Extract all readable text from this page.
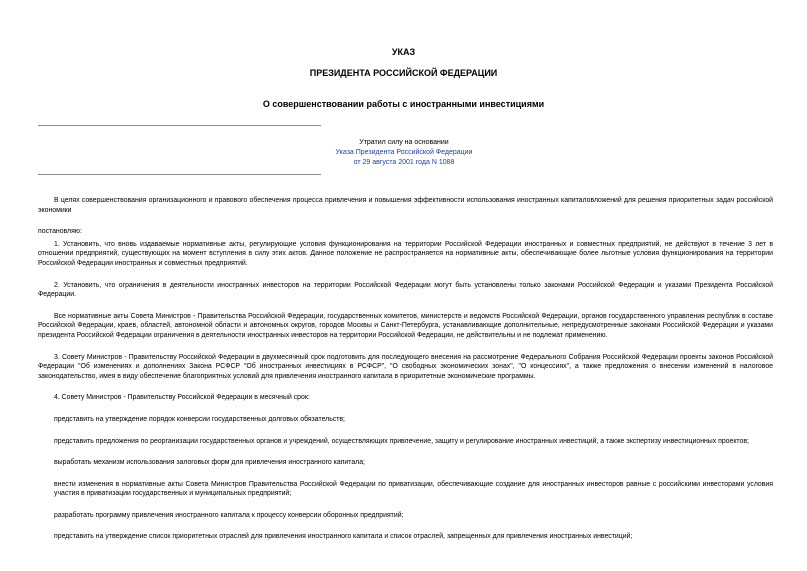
УКАЗ
ПРЕЗИДЕНТА РОССИЙСКОЙ ФЕДЕРАЦИИ
О совершенствовании работы с иностранными инвестициями
Утратил силу на основании
Указа Президента Российской Федерации
от 29 августа 2001 года N 1088

В целях совершенствования организационного и правового обеспечения процесса привлечения и повышения эффективности использования иностранных капиталовложений для решения приоритетных задач российской экономики

постановляю:

1. Установить, что вновь издаваемые нормативные акты, регулирующие условия функционирования на территории Российской Федерации иностранных и совместных предприятий, не действуют в течение 3 лет в отношении предприятий, существующих на момент вступления в силу этих актов. Данное положение не распространяется на нормативные акты, обеспечивающие более льготные условия функционирования на территории Российской Федерации иностранных и совместных предприятий.

2. Установить, что ограничения в деятельности иностранных инвесторов на территории Российской Федерации могут быть установлены только законами Российской Федерации и указами Президента Российской Федерации.

Все нормативные акты Совета Министров - Правительства Российской Федерации, государственных комитетов, министерств и ведомств Российской Федерации, органов государственного управления республик в составе Российской Федерации, краев, областей, автономной области и автономных округов, городов Москвы и Санкт-Петербурга, устанавливающие дополнительные, непредусмотренные законами Российской Федерации и указами президента Российской Федерации ограничения в деятельности иностранных инвесторов на территории Российской Федерации, не действительны и не подлежат применению.

3. Совету Министров - Правительству Российской Федерации в двухмесячный срок подготовить для последующего внесения на рассмотрение Федерального Собрания Российской Федерации проекты законов Российской Федерации "Об изменениях и дополнениях Закона РСФСР "Об иностранных инвестициях в РСФСР", "О свободных экономических зонах", "О концессиях", а также предложения о внесении изменений в налоговое законодательство, имея в виду обеспечение благоприятных условий для привлечения иностранного капитала в приоритетные экономические программы.

4. Совету Министров - Правительству Российской Федерации в месячный срок:

представить на утверждение порядок конверсии государственных долговых обязательств;

представить предложения по реорганизации государственных органов и учреждений, осуществляющих привлечение, защиту и регулирование иностранных инвестиций, а также экспертизу инвестиционных проектов;

выработать механизм использования залоговых форм для привлечения иностранного капитала;

внести изменения в нормативные акты Совета Министров Правительства Российской Федерации по приватизации, обеспечивающие создание для иностранных инвесторов равные с российскими инвесторами условия участия в приватизации государственных и муниципальных предприятий;

разработать программу привлечения иностранного капитала к процессу конверсии оборонных предприятий;

представить на утверждение список приоритетных отраслей для привлечения иностранного капитала и список отраслей, запрещенных для привлечения иностранных инвестиций;
